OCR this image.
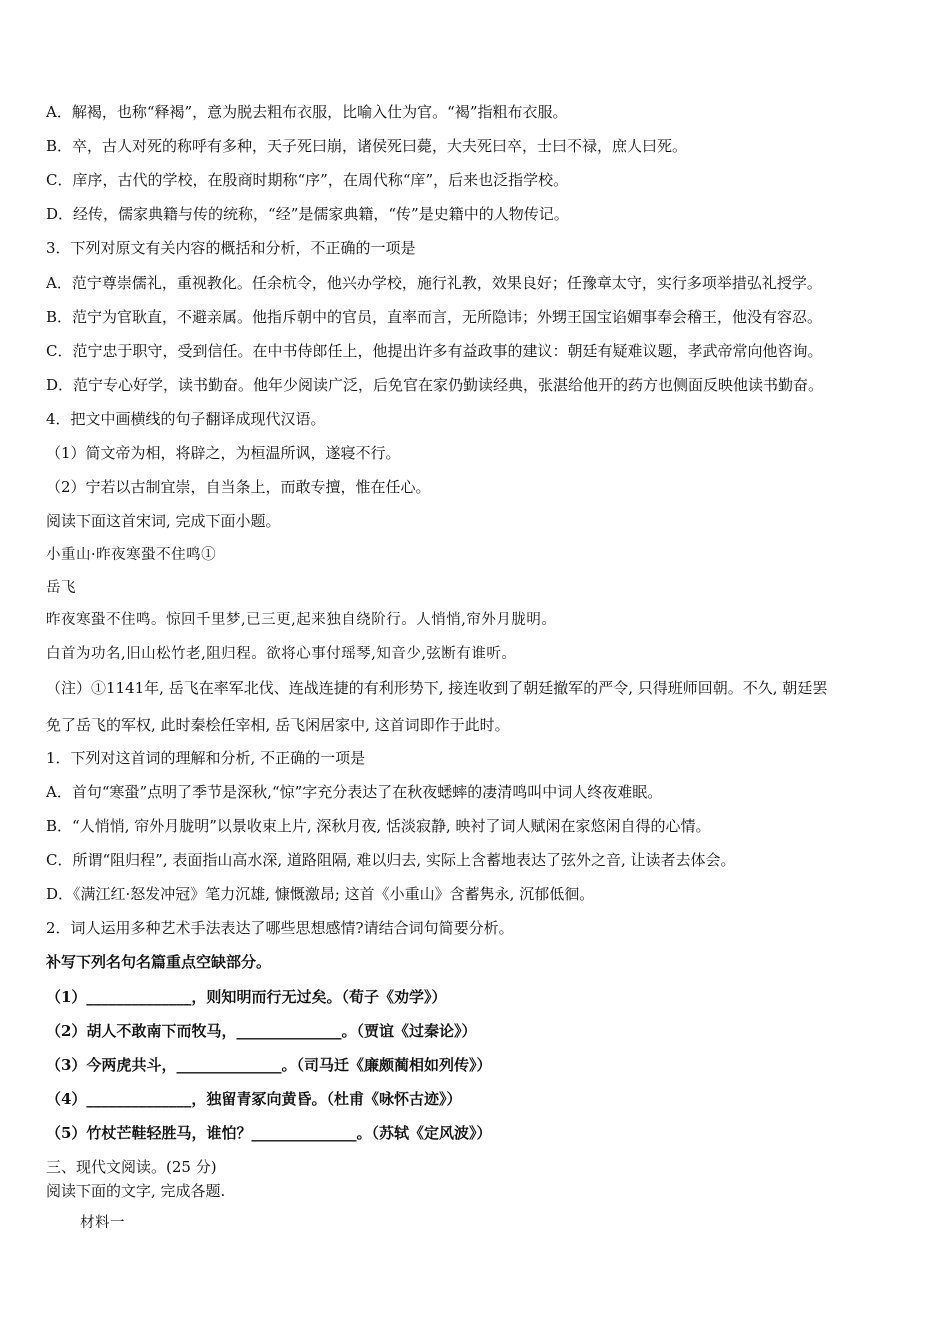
A．解褐，也称“释褐”，意为脱去粗布衣服，比喻入仕为官。“褐”指粗布衣服。
B．卒，古人对死的称呼有多种，天子死曰崩，诸侯死曰薨，大夫死曰卒，士曰不禄，庶人曰死。
C．庠序，古代的学校，在殷商时期称“序”，在周代称“庠”，后来也泛指学校。
D．经传，儒家典籍与传的统称，“经”是儒家典籍，“传”是史籍中的人物传记。
3．下列对原文有关内容的概括和分析，不正确的一项是
A．范宁尊崇儒礼，重视教化。任余杭令，他兴办学校，施行礼教，效果良好；任豫章太守，实行多项举措弘礼授学。
B．范宁为官耿直，不避亲属。他指斥朝中的官员，直率而言，无所隐讳；外甥王国宝谄媚事奉会稽王，他没有容忍。
C．范宁忠于职守，受到信任。在中书侍郎任上，他提出许多有益政事的建议：朝廷有疑难议题，孝武帝常向他咨询。
D．范宁专心好学，读书勤奋。他年少阅读广泛，后免官在家仍勤读经典，张湛给他开的药方也侧面反映他读书勤奋。
4．把文中画横线的句子翻译成现代汉语。
（1）简文帝为相，将辟之，为桓温所讽，遂寝不行。
（2）宁若以古制宜崇，自当条上，而敢专擅，惟在任心。
阅读下面这首宋词, 完成下面小题。
小重山·昨夜寒蛩不住鸣①
岳飞
昨夜寒蛩不住鸣。惊回千里梦,已三更,起来独自绕阶行。人悄悄,帘外月胧明。
白首为功名,旧山松竹老,阻归程。欲将心事付瑶琴,知音少,弦断有谁听。
（注）①1141年, 岳飞在率军北伐、连战连捷的有利形势下, 接连收到了朝廷撤军的严令, 只得班师回朝。不久, 朝廷罢
免了岳飞的军权, 此时秦桧任宰相, 岳飞闲居家中, 这首词即作于此时。
1．下列对这首词的理解和分析, 不正确的一项是
A．首句“寒蛩”点明了季节是深秋,“惊”字充分表达了在秋夜蟋蟀的凄清鸣叫中词人终夜难眠。
B．“人悄悄, 帘外月胧明”以景收束上片, 深秋月夜, 恬淡寂静, 映衬了词人赋闲在家悠闲自得的心情。
C．所谓“阻归程”, 表面指山高水深, 道路阻隔, 难以归去, 实际上含蓄地表达了弦外之音, 让读者去体会。
D．《满江红·怒发冲冠》笔力沉雄, 慷慨激昂; 这首《小重山》含蓄隽永, 沉郁低徊。
2．词人运用多种艺术手法表达了哪些思想感情?请结合词句简要分析。
补写下列名句名篇重点空缺部分。
（1）______________，则知明而行无过矣。（荀子《劝学》）
（2）胡人不敢南下而牧马，______________。（贾谊《过秦论》）
（3）今两虎共斗，______________。（司马迁《廉颇蔺相如列传》）
（4）______________，独留青冢向黄昏。（杜甫《咏怀古迹》）
（5）竹杖芒鞋轻胜马，谁怕？______________。（苏轼《定风波》）
三、现代文阅读。(25 分)
阅读下面的文字, 完成各题.
材料一
